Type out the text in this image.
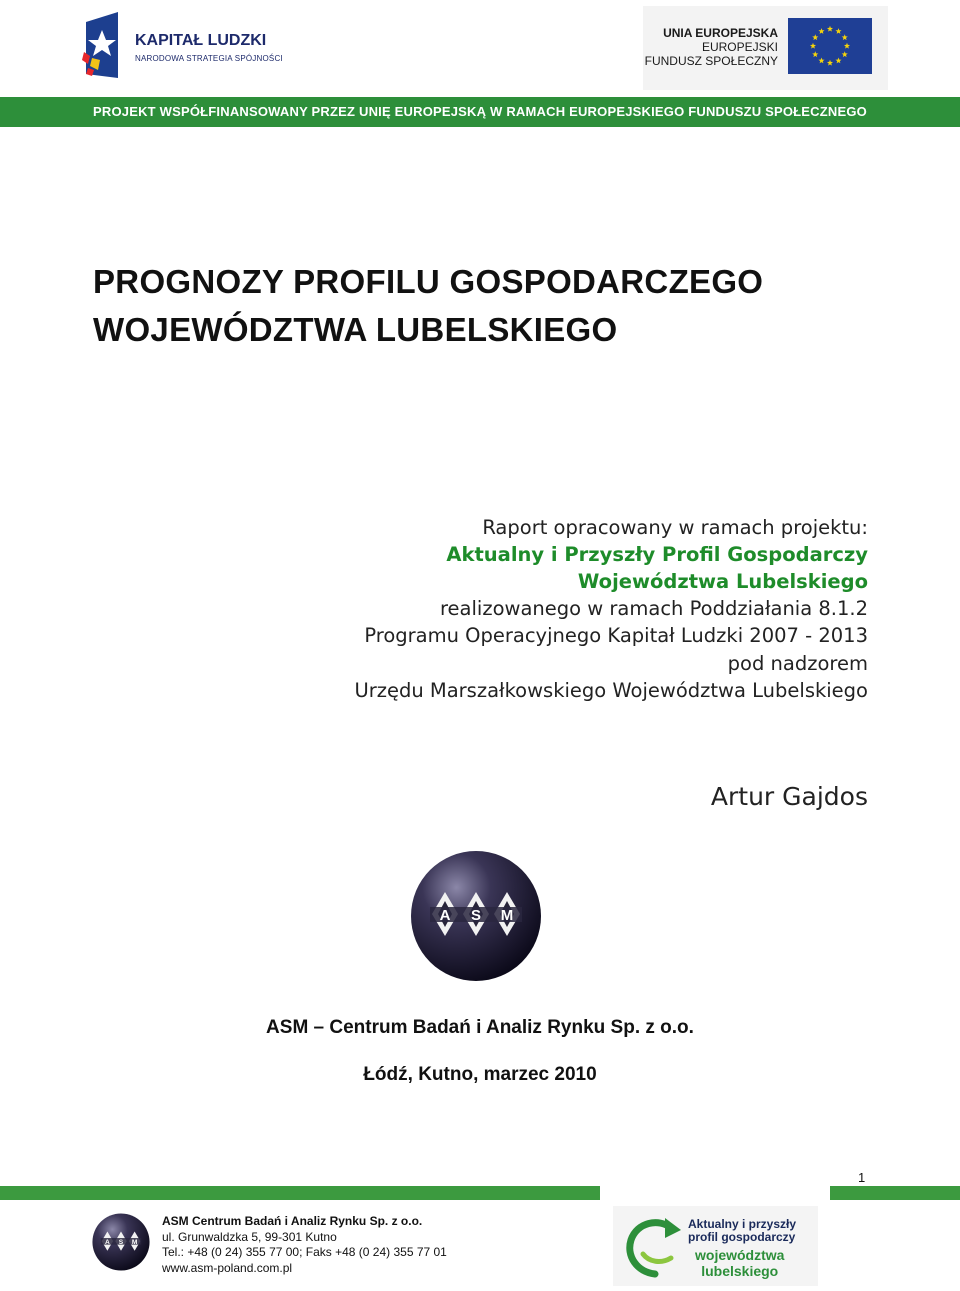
KAPITAŁ LUDZKI
NARODOWA STRATEGIA SPÓJNOŚCI
UNIA EUROPEJSKA
EUROPEJSKI
FUNDUSZ SPOŁECZNY
PROJEKT WSPÓŁFINANSOWANY PRZEZ UNIĘ EUROPEJSKĄ W RAMACH EUROPEJSKIEGO FUNDUSZU SPOŁECZNEGO
PROGNOZY PROFILU GOSPODARCZEGO
WOJEWÓDZTWA LUBELSKIEGO
Raport opracowany w ramach projektu:
Aktualny i Przyszły Profil Gospodarczy
Województwa Lubelskiego
realizowanego w ramach Poddziałania 8.1.2
Programu Operacyjnego Kapitał Ludzki 2007 - 2013
pod nadzorem
Urzędu Marszałkowskiego Województwa Lubelskiego
Artur Gajdos
A S M
ASM – Centrum Badań i Analiz Rynku Sp. z o.o.
Łódź, Kutno, marzec 2010
1
A S M
ASM Centrum Badań i Analiz Rynku Sp. z o.o.
ul. Grunwaldzka 5, 99-301 Kutno
Tel.: +48 (0 24) 355 77 00; Faks +48 (0 24) 355 77 01
www.asm-poland.com.pl
Aktualny i przyszły
profil gospodarczy
województwa
lubelskiego
